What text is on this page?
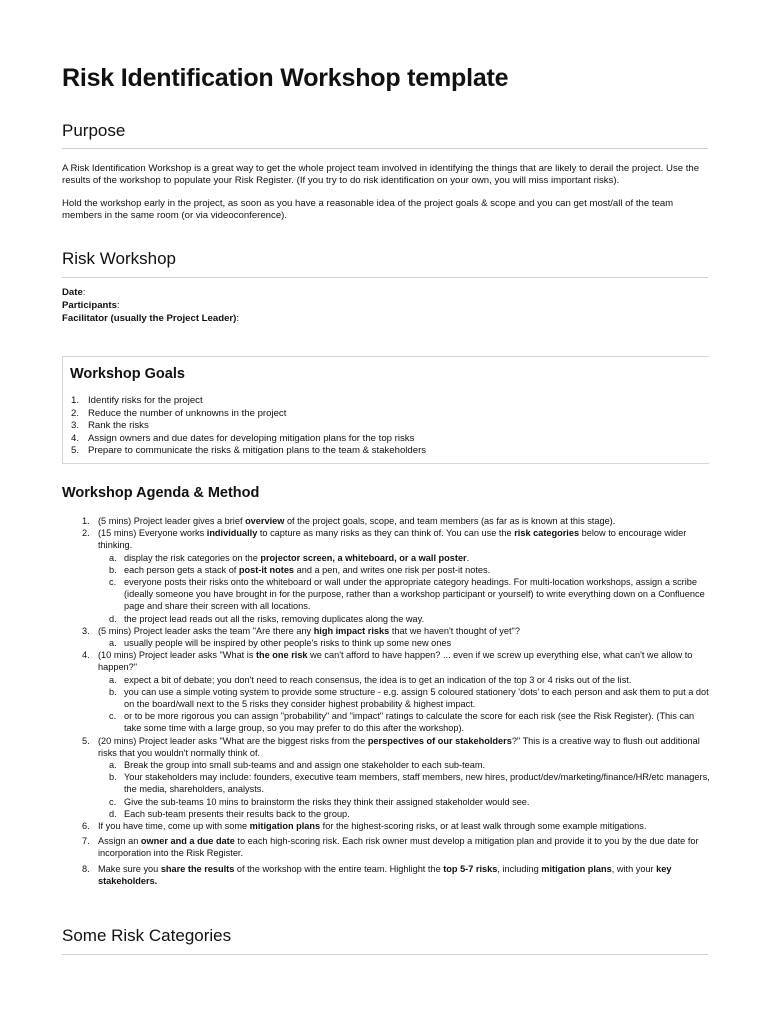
Risk Identification Workshop template
Purpose

A Risk Identification Workshop is a great way to get the whole project team involved in identifying the things that are likely to derail the project. Use the results of the workshop to populate your Risk Register. (If you try to do risk identification on your own, you will miss important risks).

Hold the workshop early in the project, as soon as you have a reasonable idea of the project goals & scope and you can get most/all of the team members in the same room (or via videoconference).

Risk Workshop

Date:

Participants:

Facilitator (usually the Project Leader):

Workshop Goals
1. Identify risks for the project
2. Reduce the number of unknowns in the project
3. Rank the risks
4. Assign owners and due dates for developing mitigation plans for the top risks
5. Prepare to communicate the risks & mitigation plans to the team & stakeholders
Workshop Agenda & Method
1. (5 mins) Project leader gives a brief overview of the project goals, scope, and team members (as far as is known at this stage).
2. (15 mins) Everyone works individually to capture as many risks as they can think of. You can use the risk categories below to encourage wider thinking.
a. display the risk categories on the projector screen, a whiteboard, or a wall poster.
b. each person gets a stack of post-it notes and a pen, and writes one risk per post-it notes.
c. everyone posts their risks onto the whiteboard or wall under the appropriate category headings. For multi-location workshops, assign a scribe (ideally someone you have brought in for the purpose, rather than a workshop participant or yourself) to write everything down on a Confluence page and share their screen with all locations.
d. the project lead reads out all the risks, removing duplicates along the way.
3. (5 mins) Project leader asks the team "Are there any high impact risks that we haven't thought of yet"?
a. usually people will be inspired by other people's risks to think up some new ones
4. (10 mins) Project leader asks "What is the one risk we can't afford to have happen? ... even if we screw up everything else, what can't we allow to happen?"
a. expect a bit of debate; you don't need to reach consensus, the idea is to get an indication of the top 3 or 4 risks out of the list.
b. you can use a simple voting system to provide some structure - e.g. assign 5 coloured stationery 'dots' to each person and ask them to put a dot on the board/wall next to the 5 risks they consider highest probability & highest impact.
c. or to be more rigorous you can assign "probability" and "impact" ratings to calculate the score for each risk (see the Risk Register). (This can take some time with a large group, so you may prefer to do this after the workshop).
5. (20 mins) Project leader asks "What are the biggest risks from the perspectives of our stakeholders?" This is a creative way to flush out additional risks that you wouldn't normally think of.
a. Break the group into small sub-teams and and assign one stakeholder to each sub-team.
b. Your stakeholders may include: founders, executive team members, staff members, new hires, product/dev/marketing/finance/HR/etc managers, the media, shareholders, analysts.
c. Give the sub-teams 10 mins to brainstorm the risks they think their assigned stakeholder would see.
d. Each sub-team presents their results back to the group.
6. If you have time, come up with some mitigation plans for the highest-scoring risks, or at least walk through some example mitigations.
7. Assign an owner and a due date to each high-scoring risk. Each risk owner must develop a mitigation plan and provide it to you by the due date for incorporation into the Risk Register.
8. Make sure you share the results of the workshop with the entire team. Highlight the top 5-7 risks, including mitigation plans, with your key stakeholders.
Some Risk Categories
